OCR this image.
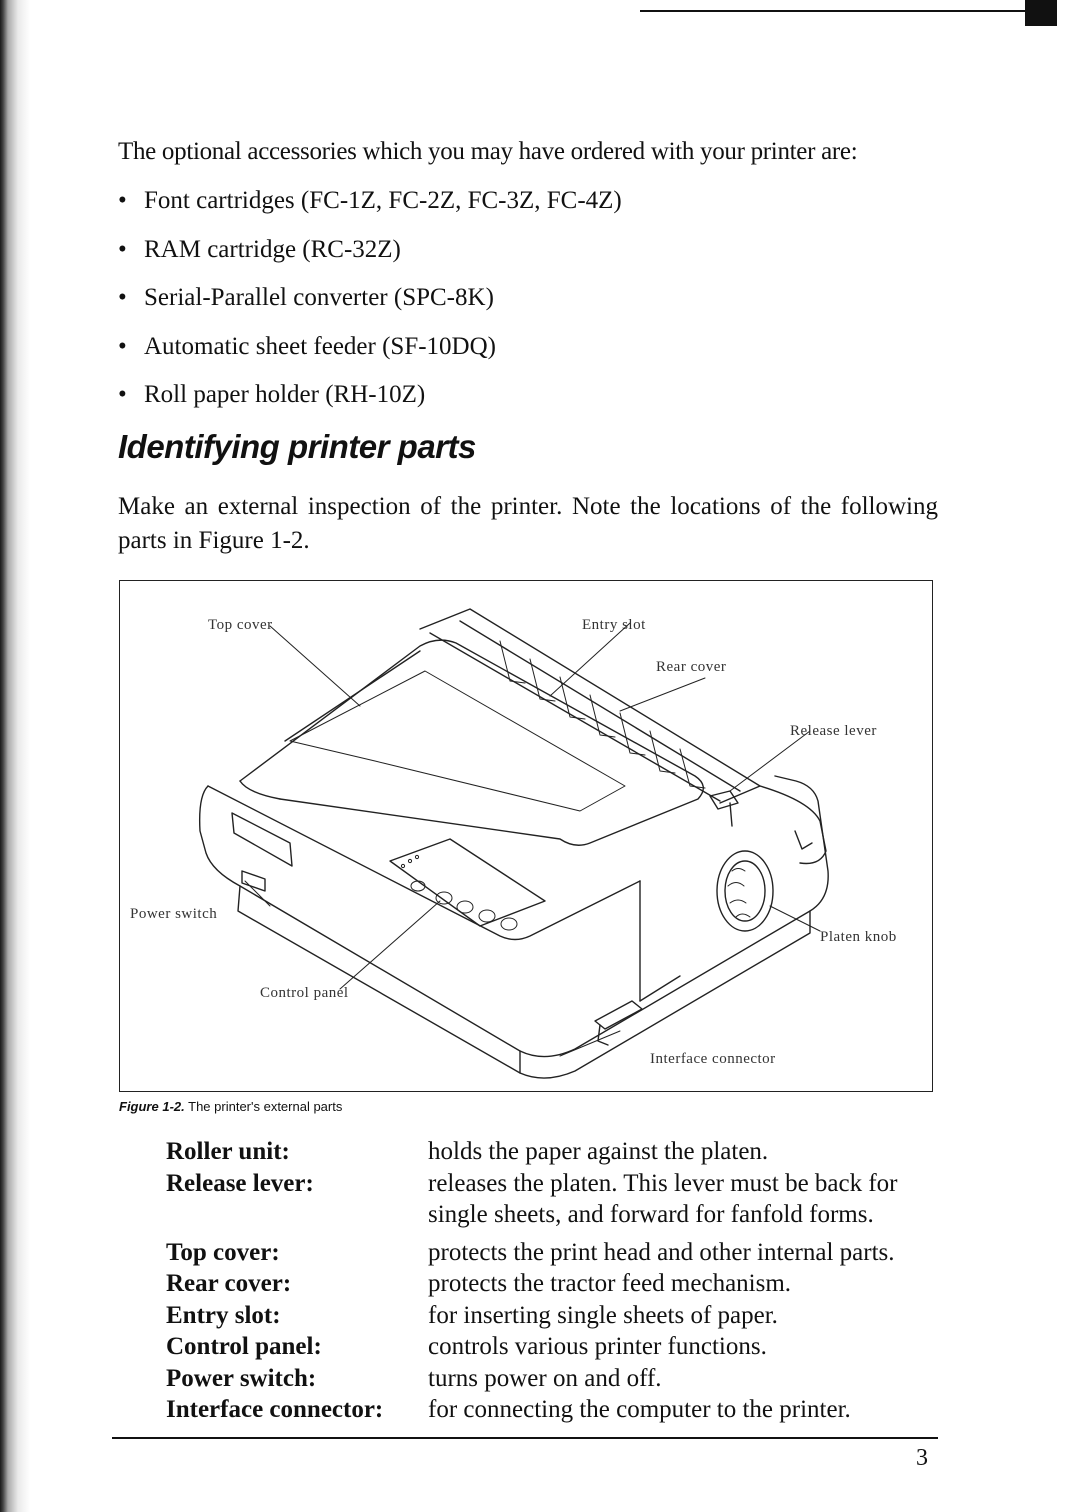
The optional accessories which you may have ordered with your printer are:
• Font cartridges (FC-1Z, FC-2Z, FC-3Z, FC-4Z)
• RAM cartridge (RC-32Z)
• Serial-Parallel converter (SPC-8K)
• Automatic sheet feeder (SF-10DQ)
• Roll paper holder (RH-10Z)
Identifying printer parts

Make an external inspection of the printer. Note the locations of the following parts in Figure 1-2.

Top cover	Entry slot
Rear cover
Release lever
Power switch
Platen knob
Control panel
Interface connector
Figure 1-2. The printer's external parts
Roller unit:	holds the paper against the platen.
Release lever:	releases the platen. This lever must be back for
single sheets, and forward for fanfold forms.
Top cover:	protects the print head and other internal parts.
Rear cover:	protects the tractor feed mechanism.
Entry slot:	for inserting single sheets of paper.
Control panel:	controls various printer functions.
Power switch:	turns power on and off.
Interface connector:	for connecting the computer to the printer.
3
